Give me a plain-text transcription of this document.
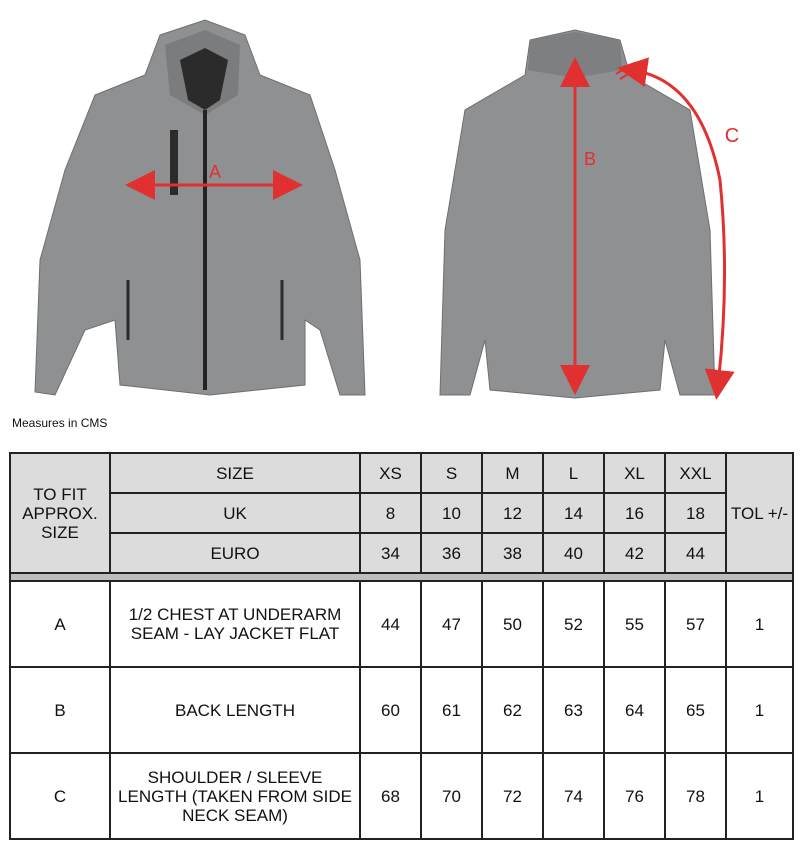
A
B
C
Measures in CMS
TO FIT APPROX. SIZE	SIZE	XS	S	M	L	XL	XXL	TOL +/-
	UK	8	10	12	14	16	18	
	EURO	34	36	38	40	42	44	

A	1/2 CHEST AT UNDERARM SEAM - LAY JACKET FLAT	44	47	50	52	55	57	1
B	BACK LENGTH	60	61	62	63	64	65	1
C	SHOULDER / SLEEVE LENGTH (TAKEN FROM SIDE NECK SEAM)	68	70	72	74	76	78	1
